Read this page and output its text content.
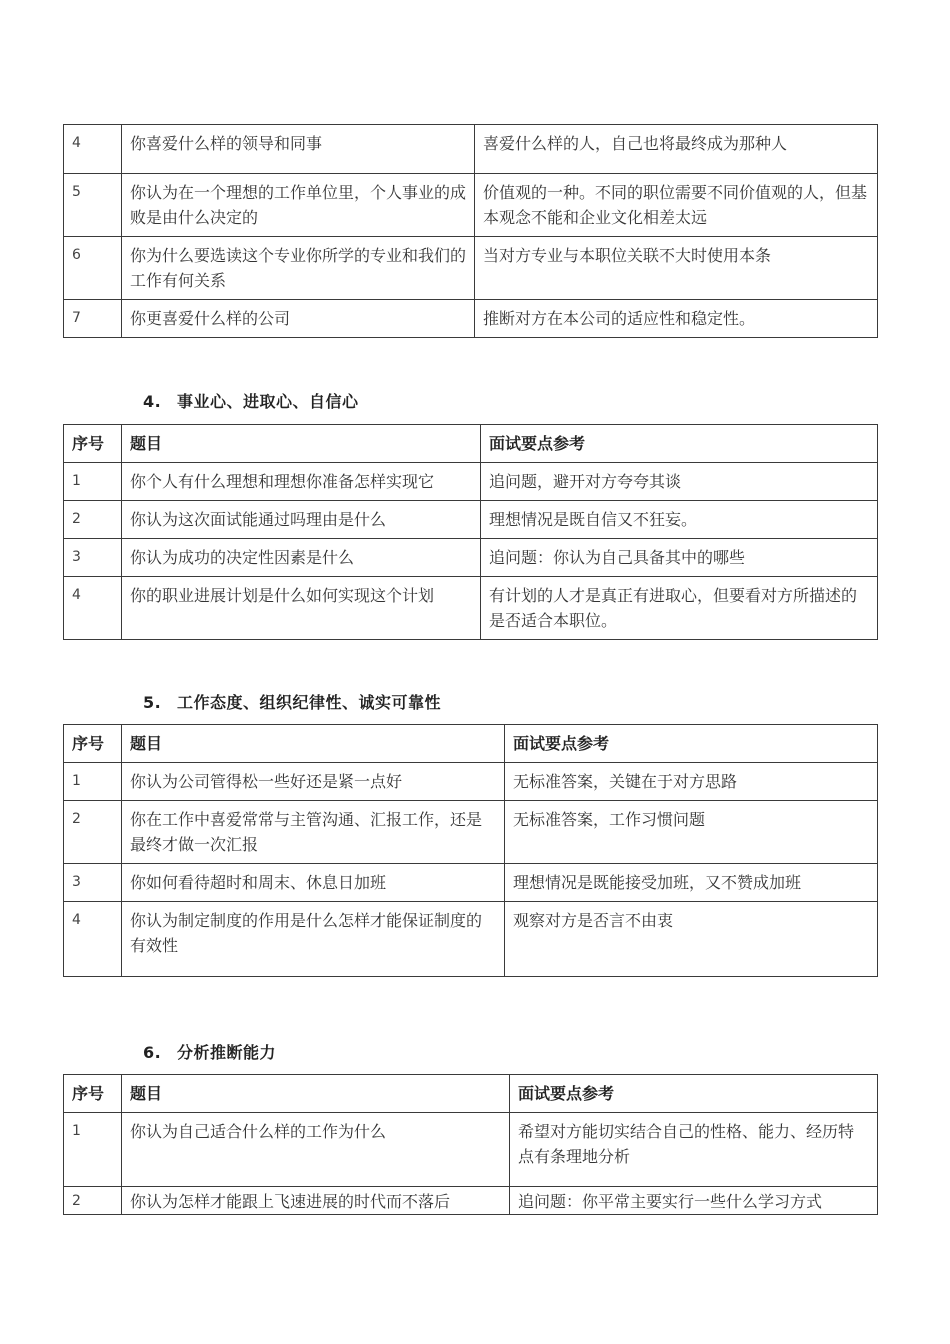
4	你喜爱什么样的领导和同事	喜爱什么样的人，自己也将最终成为那种人
5	你认为在一个理想的工作单位里，个人事业的成败是由什么决定的	价值观的一种。不同的职位需要不同价值观的人，但基本观念不能和企业文化相差太远
6	你为什么要选读这个专业你所学的专业和我们的工作有何关系	当对方专业与本职位关联不大时使用本条
7	你更喜爱什么样的公司	推断对方在本公司的适应性和稳定性。
4. 事业心、进取心、自信心
序号	题目	面试要点参考
1	你个人有什么理想和理想你准备怎样实现它	追问题，避开对方夸夸其谈
2	你认为这次面试能通过吗理由是什么	理想情况是既自信又不狂妄。
3	你认为成功的决定性因素是什么	追问题：你认为自己具备其中的哪些
4	你的职业进展计划是什么如何实现这个计划	有计划的人才是真正有进取心，但要看对方所描述的是否适合本职位。
5. 工作态度、组织纪律性、诚实可靠性
序号	题目	面试要点参考
1	你认为公司管得松一些好还是紧一点好	无标准答案，关键在于对方思路
2	你在工作中喜爱常常与主管沟通、汇报工作，还是最终才做一次汇报	无标准答案，工作习惯问题
3	你如何看待超时和周末、休息日加班	理想情况是既能接受加班，又不赞成加班
4	你认为制定制度的作用是什么怎样才能保证制度的有效性	观察对方是否言不由衷
6. 分析推断能力
序号	题目	面试要点参考
1	你认为自己适合什么样的工作为什么	希望对方能切实结合自己的性格、能力、经历特点有条理地分析
2	你认为怎样才能跟上飞速进展的时代而不落后	追问题：你平常主要实行一些什么学习方式
